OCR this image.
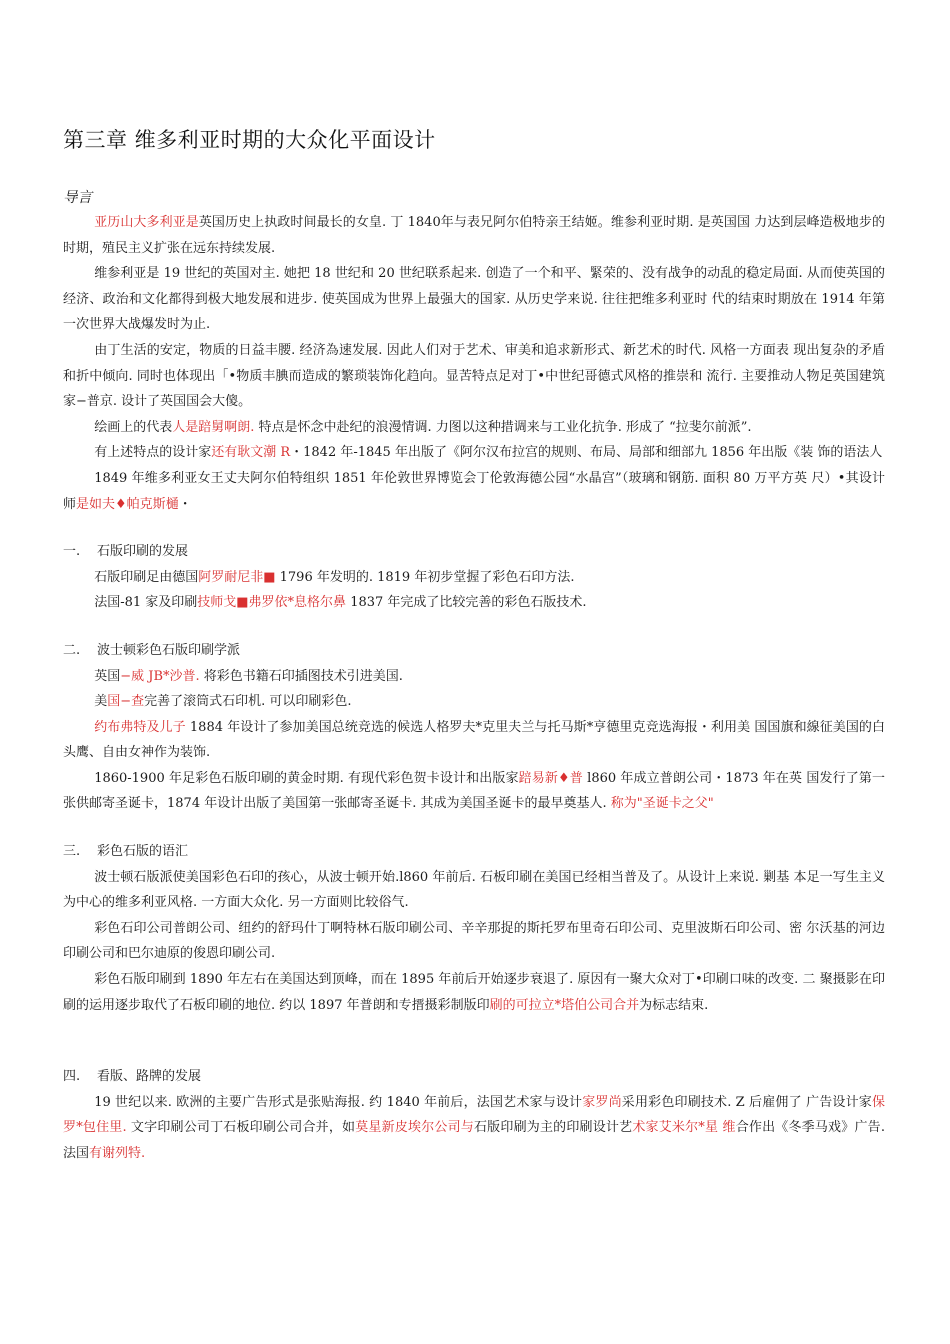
第三章 维多利亚时期的大众化平面设计
导言

亚历山大多利亚是英国历史上执政时间最长的女皇. 丁 1840年与表兄阿尔伯特亲王结姬。维参利亚时期. 是英国国 力达到层峰造极地步的时期，殖民主义扩张在远东持续发展.

维参利亚是 19 世纪的英国对主. 她把 18 世纪和 20 世纪联系起来. 创造了一个和平、緊荣的、没有战争的动乱的稳定局面. 从而使英国的经济、政治和文化都得到极大地发展和进步. 使英国成为世界上最强大的国家. 从历史学来说. 往往把维多利亚时 代的结束时期放在 1914 年第一次世界大战爆发时为止.

由丁生活的安定，物质的日益丰腰. 经济為速发展. 因此人们对于艺术、审美和追求新形式、新艺术的时代. 风格一方面表 现出复杂的矛盾和折中倾向. 同时也体现出「•物质丰腆而造成的繁琐装饰化趋向。显苦特点足对丁•中世纪哥德式风格的推崇和 流行. 主要推动人物足英国建筑家−普京. 设计了英国国会大傻。

绘画上的代表人是踣舅啊朗. 特点是怀念中赴纪的浪漫情调. 力图以这种措调来与工业化抗争. 形成了 “拉斐尔前派”.

有上述特点的设计家还有耿文潮 R・1842 年-1845 年出版了《阿尔汉布拉宫的规则、布局、局部和细部九 1856 年出版《装 饰的语法人

1849 年维多利亚女王丈夫阿尔伯特组织 1851 年伦敦世界博览会丁伦敦海德公园“水晶宫”（玻璃和钢筋. 面积 80 万平方英 尺）•其设计师是如夫♦帕克斯樋・

一. 石版印刷的发展

石版印刷足由德国阿罗耐尼非■ 1796 年发明的. 1819 年初步堂握了彩色石印方法.

法国-81 家及印刷技师戈■弗罗依*息格尔鼻 1837 年完成了比较完善的彩色石版技术.

二. 波士顿彩色石版印刷学派

英国−威 JB*沙普. 将彩色书籍石印插图技术引进美国.

美国−查完善了滚筒式石印机. 可以印刷彩色.

约布弗特及儿子 1884 年设计了参加美国总统竞选的候选人格罗夫*克里夫兰与托马斯*亨德里克竞选海报・利用美 国国旗和線征美国的白头鹰、自由女神作为装饰.

1860-1900 年足彩色石版印刷的黄金时期. 有现代彩色贺卡设计和出版家踣易新♦普 l860 年成立普朗公司・1873 年在英 国发行了第一张供邮寄圣诞卡，1874 年设计出版了美国第一张邮寄圣诞卡. 其成为美国圣诞卡的最早奠基人. 称为"圣诞卡之父"

三. 彩色石版的语汇

波士顿石版派使美国彩色石印的孩心，从波士顿开始.l860 年前后. 石板印刷在美国已经相当普及了。从设计上来说. 剿基 本足一写生主义为中心的维多利亚风格. 一方面大众化. 另一方面则比较俗气.

彩色石印公司普朗公司、纽约的舒玛什丁啊特林石版印刷公司、辛辛那捉的斯托罗布里奇石印公司、克里波斯石印公司、密 尔沃基的河边印刷公司和巴尔迪原的俊恩印刷公司.

彩色石版印刷到 1890 年左右在美国达到顶峰，而在 1895 年前后开始逐步衰退了. 原因有一聚大众对丁•印刷口味的改变. 二 聚摄影在印刷的运用逐步取代了石板印刷的地位. 约以 1897 年普朗和专搢摄彩制版印刷的可拉立*塔伯公司合并为标志结束.

四. 看版、路牌的发展

19 世纪以来. 欧洲的主要广告形式是张贴海报. 约 1840 年前后，法国艺术家与设计家罗尚采用彩色印刷技术. Z 后雇佣了 广告设计家保罗*包住里. 文字印刷公司丁石板印刷公司合并，如莫星新皮埃尔公司与石版印刷为主的印刷设计艺术家艾米尔*星 维合作出《冬季马戏》广告. 法国有谢列特.
